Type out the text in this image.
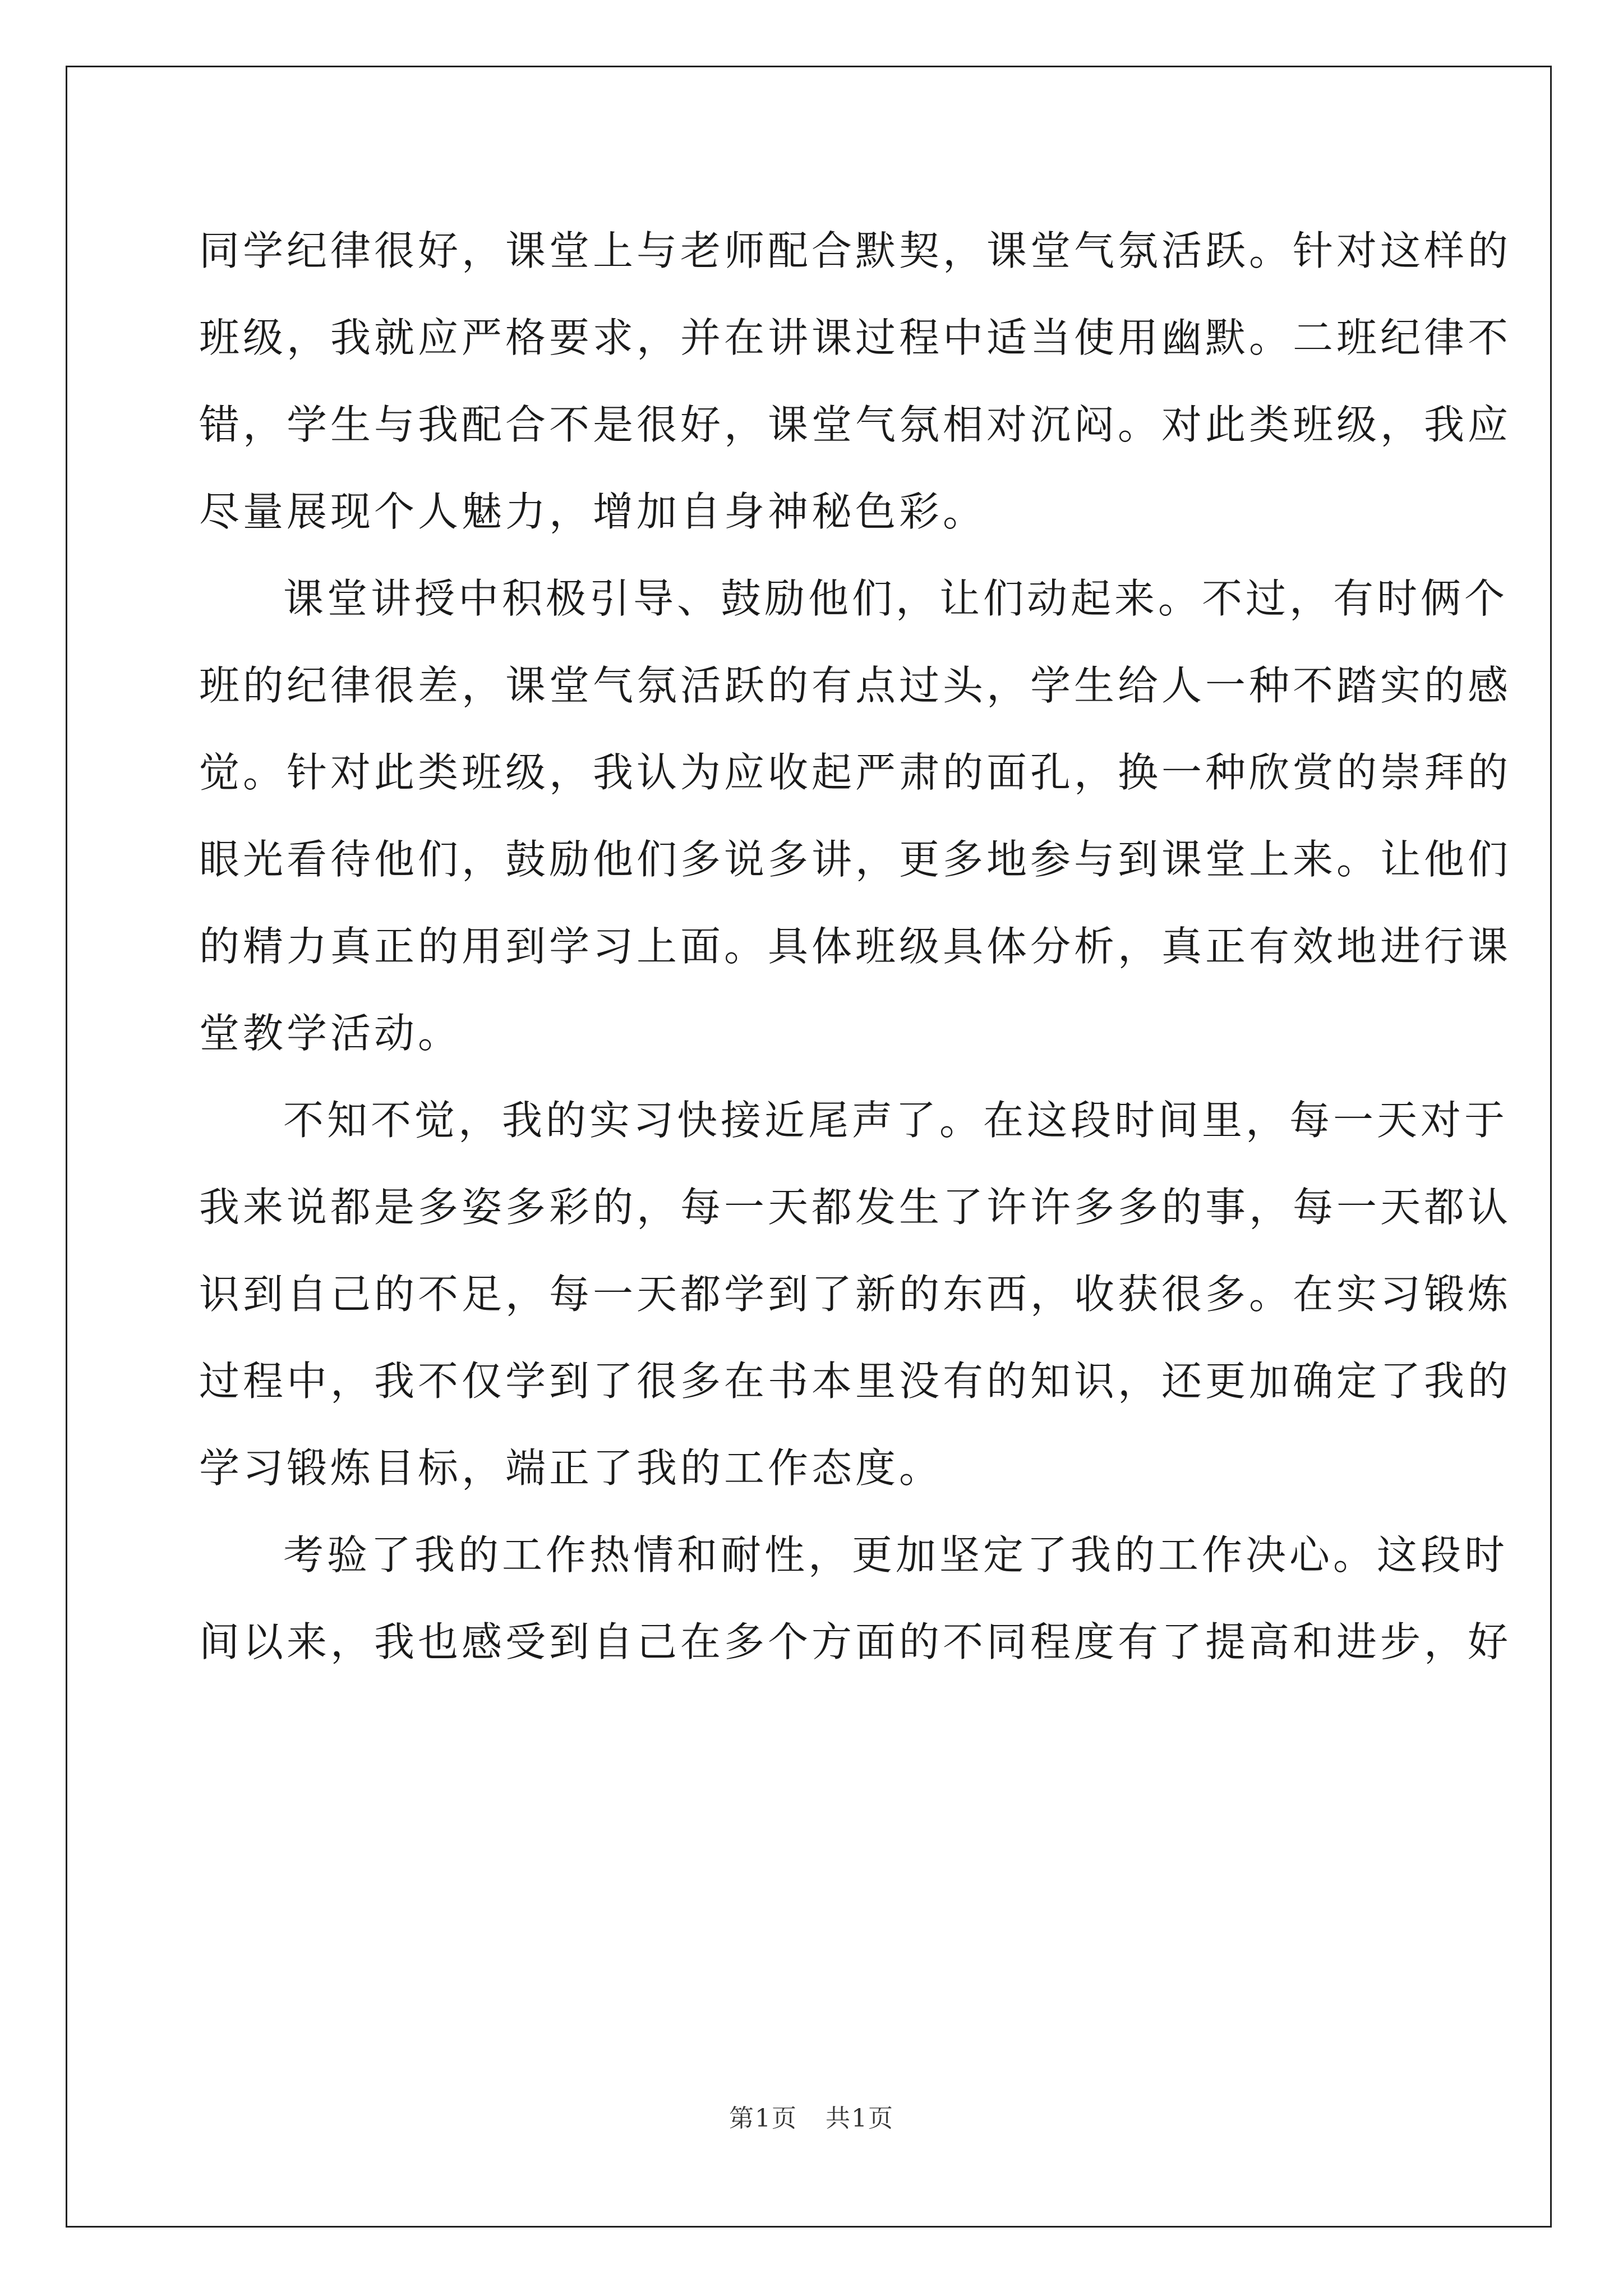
同学纪律很好，课堂上与老师配合默契，课堂气氛活跃。针对这样的
班级，我就应严格要求，并在讲课过程中适当使用幽默。二班纪律不
错，学生与我配合不是很好，课堂气氛相对沉闷。对此类班级，我应
尽量展现个人魅力，增加自身神秘色彩。
课堂讲授中积极引导、鼓励他们，让们动起来。不过，有时俩个
班的纪律很差，课堂气氛活跃的有点过头，学生给人一种不踏实的感
觉。针对此类班级，我认为应收起严肃的面孔，换一种欣赏的崇拜的
眼光看待他们，鼓励他们多说多讲，更多地参与到课堂上来。让他们
的精力真正的用到学习上面。具体班级具体分析，真正有效地进行课
堂教学活动。
不知不觉，我的实习快接近尾声了。在这段时间里，每一天对于
我来说都是多姿多彩的，每一天都发生了许许多多的事，每一天都认
识到自己的不足，每一天都学到了新的东西，收获很多。在实习锻炼
过程中，我不仅学到了很多在书本里没有的知识，还更加确定了我的
学习锻炼目标，端正了我的工作态度。
考验了我的工作热情和耐性，更加坚定了我的工作决心。这段时
间以来，我也感受到自己在多个方面的不同程度有了提高和进步，好
第1页 共1页
